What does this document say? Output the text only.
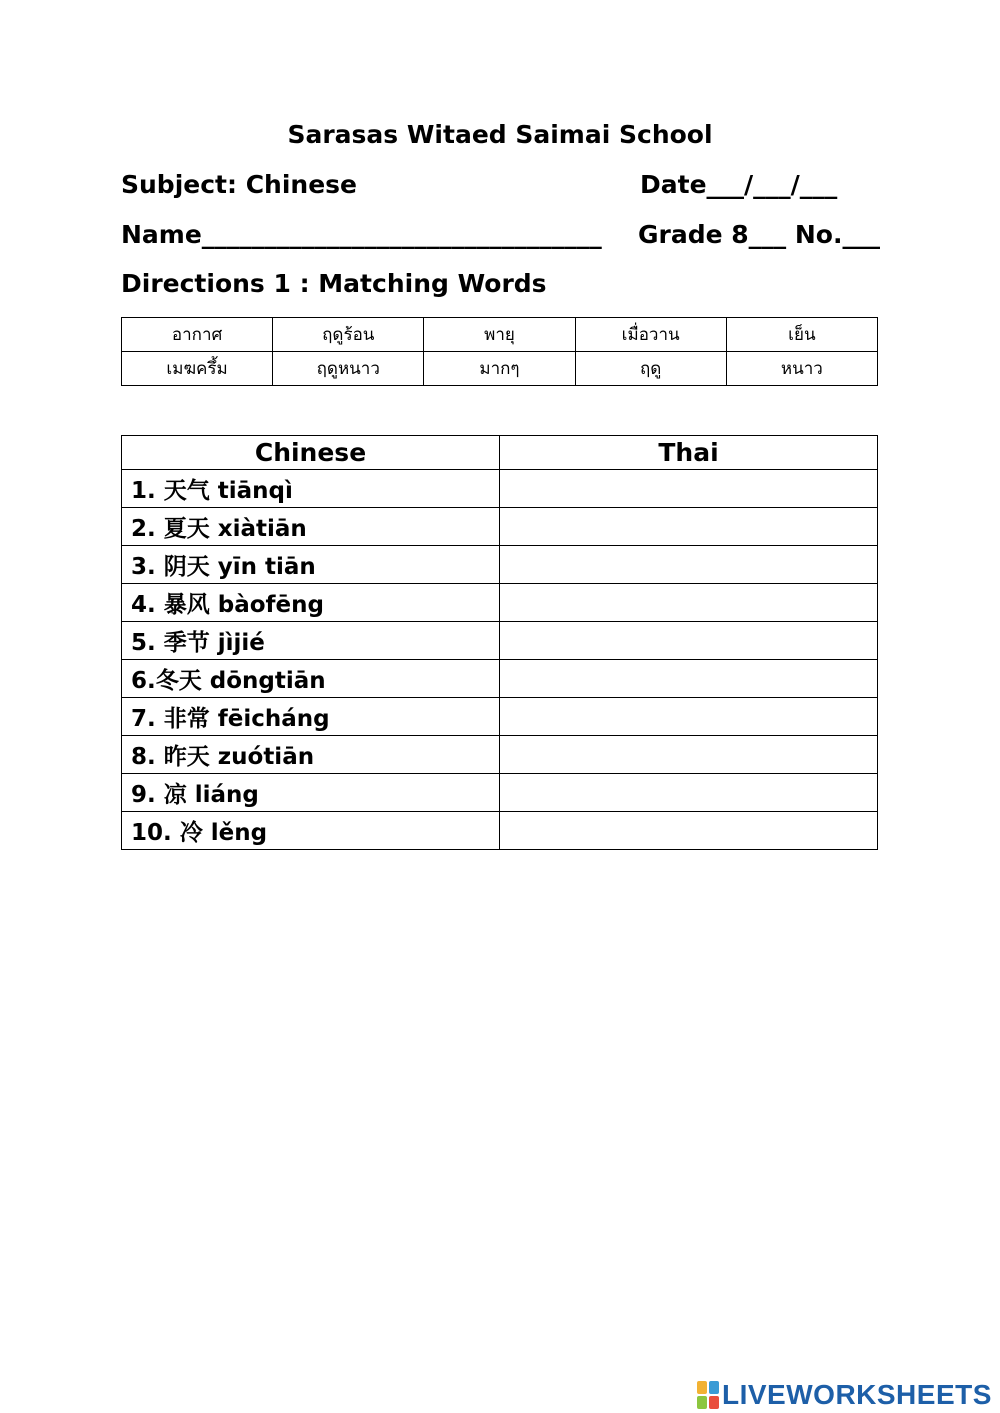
Sarasas Witaed Saimai School
Subject: Chinese	Date___/___/___
Name________________________________ Grade 8___ No.___
Directions 1 : Matching Words
อากาศ	ฤดูร้อน	พายุ	เมื่อวาน	เย็น
เมฆครึ้ม	ฤดูหนาว	มากๆ	ฤดู	หนาว
Chinese	Thai
1. 天气 tiānqì	
2. 夏天 xiàtiān	
3. 阴天 yīn tiān	
4. 暴风 bàofēng	
5. 季节 jìjié	
6.冬天 dōngtiān	
7. 非常 fēicháng	
8. 昨天 zuótiān	
9. 凉 liáng	
10. 冷 lěng	
LIVEWORKSHEETS
